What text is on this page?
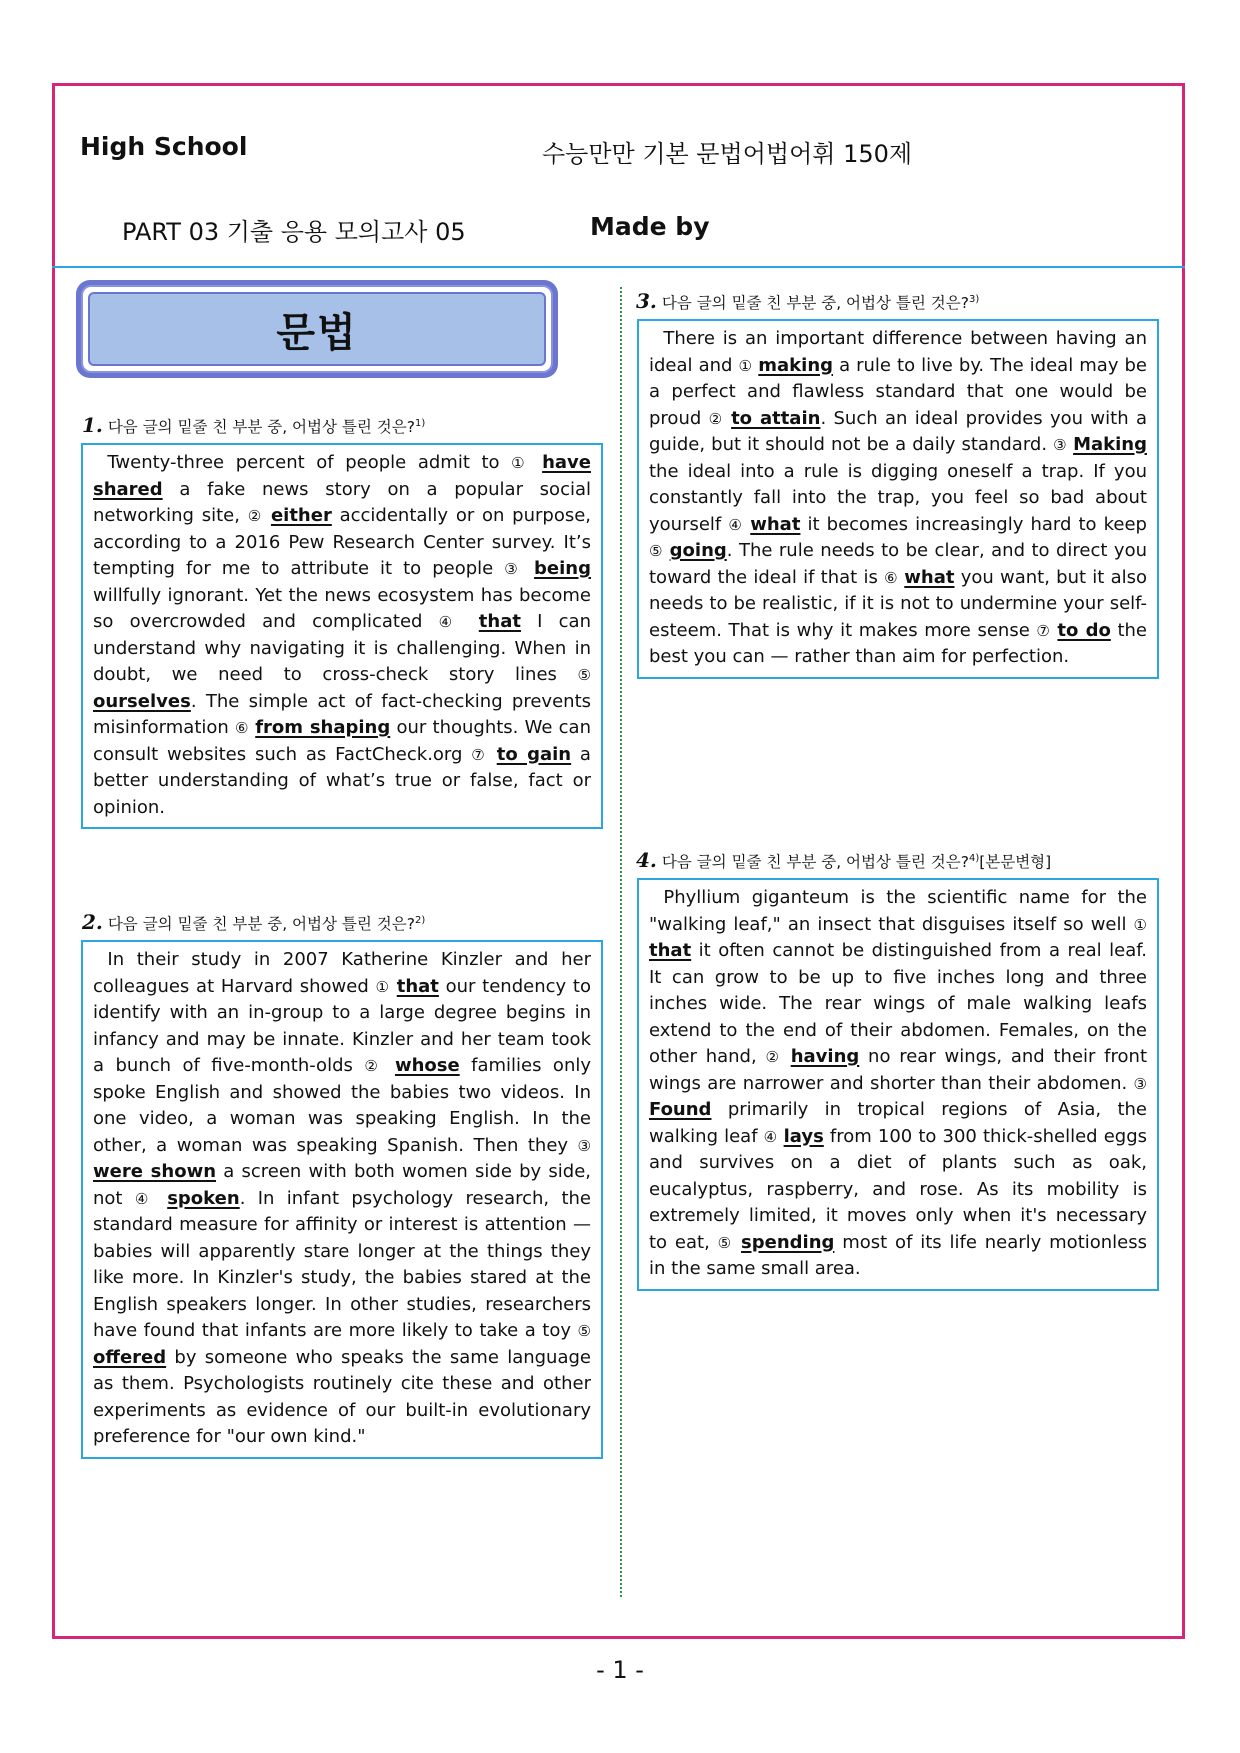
High School	수능만만 기본 문법어법어휘 150제
PART 03 기출 응용 모의고사 05	Made by
문법
1. 다음 글의 밑줄 친 부분 중, 어법상 틀린 것은?$^{1)}$

Twenty-three percent of people admit to ① have shared a fake news story on a popular social networking site, ② either accidentally or on purpose, according to a 2016 Pew Research Center survey. It’s tempting for me to attribute it to people ③ being willfully ignorant. Yet the news ecosystem has become so overcrowded and complicated ④ that I can understand why navigating it is challenging. When in doubt, we need to cross-check story lines ⑤ ourselves. The simple act of fact-checking prevents misinformation ⑥ from shaping our thoughts. We can consult websites such as FactCheck.org ⑦ to gain a better understanding of what’s true or false, fact or opinion.

2. 다음 글의 밑줄 친 부분 중, 어법상 틀린 것은?$^{2)}$

In their study in 2007 Katherine Kinzler and her colleagues at Harvard showed ① that our tendency to identify with an in-group to a large degree begins in infancy and may be innate. Kinzler and her team took a bunch of five-month-olds ② whose families only spoke English and showed the babies two videos. In one video, a woman was speaking English. In the other, a woman was speaking Spanish. Then they ③ were shown a screen with both women side by side, not ④ spoken. In infant psychology research, the standard measure for affinity or interest is attention — babies will apparently stare longer at the things they like more. In Kinzler's study, the babies stared at the English speakers longer. In other studies, researchers have found that infants are more likely to take a toy ⑤ offered by someone who speaks the same language as them. Psychologists routinely cite these and other experiments as evidence of our built-in evolutionary preference for "our own kind."

3. 다음 글의 밑줄 친 부분 중, 어법상 틀린 것은?$^{3)}$

There is an important difference between having an ideal and ① making a rule to live by. The ideal may be a perfect and flawless standard that one would be proud ② to attain. Such an ideal provides you with a guide, but it should not be a daily standard. ③ Making the ideal into a rule is digging oneself a trap. If you constantly fall into the trap, you feel so bad about yourself ④ what it becomes increasingly hard to keep ⑤ going. The rule needs to be clear, and to direct you toward the ideal if that is ⑥ what you want, but it also needs to be realistic, if it is not to undermine your self-esteem. That is why it makes more sense ⑦ to do the best you can — rather than aim for perfection.

4. 다음 글의 밑줄 친 부분 중, 어법상 틀린 것은?$^{4)}$[본문변형]

Phyllium giganteum is the scientific name for the "walking leaf," an insect that disguises itself so well ① that it often cannot be distinguished from a real leaf. It can grow to be up to five inches long and three inches wide. The rear wings of male walking leafs extend to the end of their abdomen. Females, on the other hand, ② having no rear wings, and their front wings are narrower and shorter than their abdomen. ③ Found primarily in tropical regions of Asia, the walking leaf ④ lays from 100 to 300 thick-shelled eggs and survives on a diet of plants such as oak, eucalyptus, raspberry, and rose. As its mobility is extremely limited, it moves only when it's necessary to eat, ⑤ spending most of its life nearly motionless in the same small area.

- 1 -
